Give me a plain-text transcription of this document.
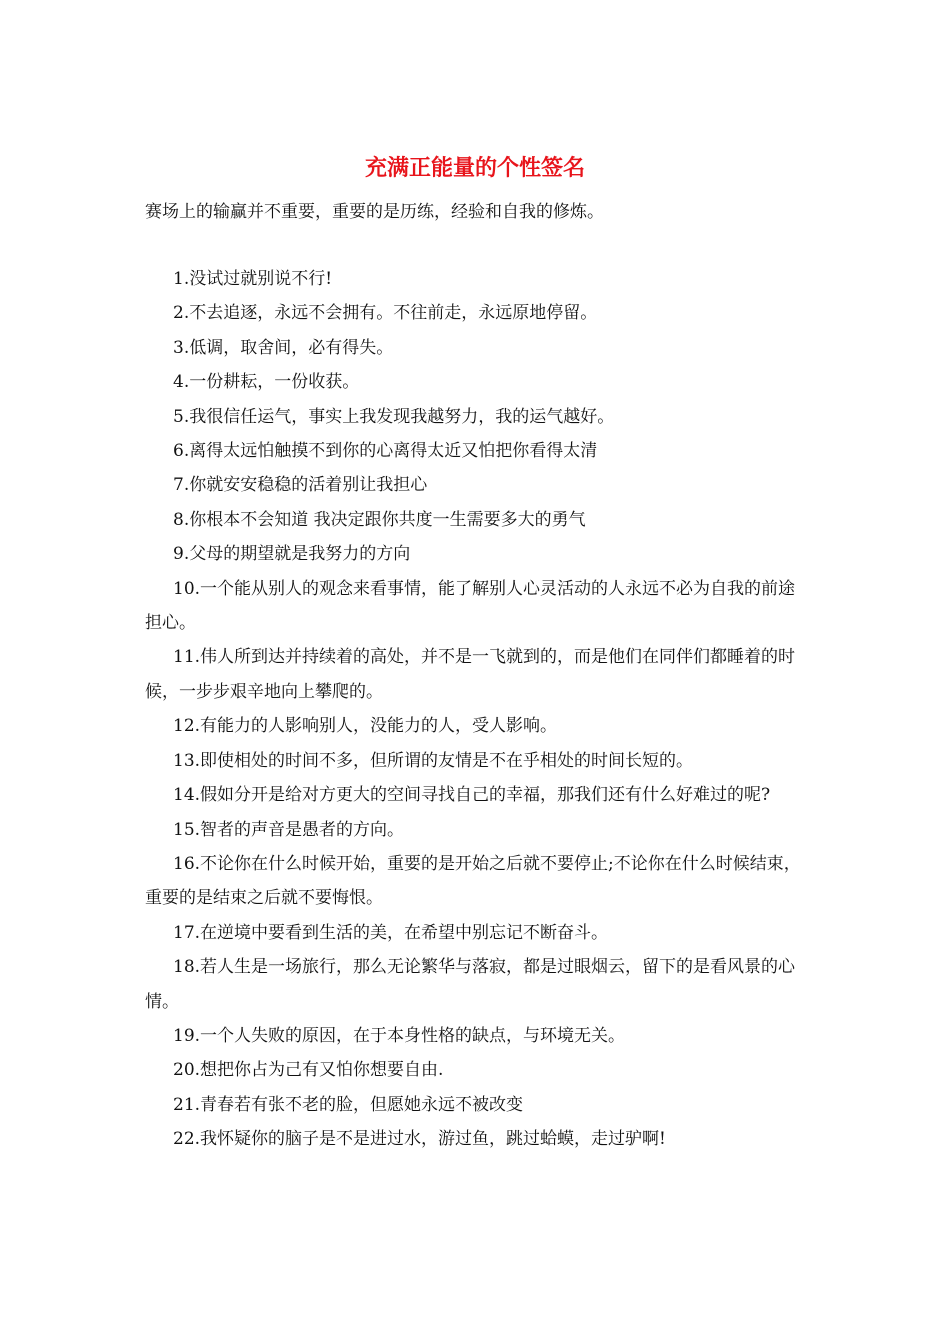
充满正能量的个性签名
赛场上的输赢并不重要，重要的是历练，经验和自我的修炼。

1.没试过就别说不行!

2.不去追逐，永远不会拥有。不往前走，永远原地停留。

3.低调，取舍间，必有得失。

4.一份耕耘，一份收获。

5.我很信任运气，事实上我发现我越努力，我的运气越好。

6.离得太远怕触摸不到你的心离得太近又怕把你看得太清

7.你就安安稳稳的活着别让我担心

8.你根本不会知道 我决定跟你共度一生需要多大的勇气

9.父母的期望就是我努力的方向

10.一个能从别人的观念来看事情，能了解别人心灵活动的人永远不必为自我的前途担心。

11.伟人所到达并持续着的高处，并不是一飞就到的，而是他们在同伴们都睡着的时候，一步步艰辛地向上攀爬的。

12.有能力的人影响别人，没能力的人，受人影响。

13.即使相处的时间不多，但所谓的友情是不在乎相处的时间长短的。

14.假如分开是给对方更大的空间寻找自己的幸福，那我们还有什么好难过的呢?

15.智者的声音是愚者的方向。

16.不论你在什么时候开始，重要的是开始之后就不要停止;不论你在什么时候结束，重要的是结束之后就不要悔恨。

17.在逆境中要看到生活的美，在希望中别忘记不断奋斗。

18.若人生是一场旅行，那么无论繁华与落寂，都是过眼烟云，留下的是看风景的心情。

19.一个人失败的原因，在于本身性格的缺点，与环境无关。

20.想把你占为己有又怕你想要自由.

21.青春若有张不老的脸，但愿她永远不被改变

22.我怀疑你的脑子是不是进过水，游过鱼，跳过蛤蟆，走过驴啊!
